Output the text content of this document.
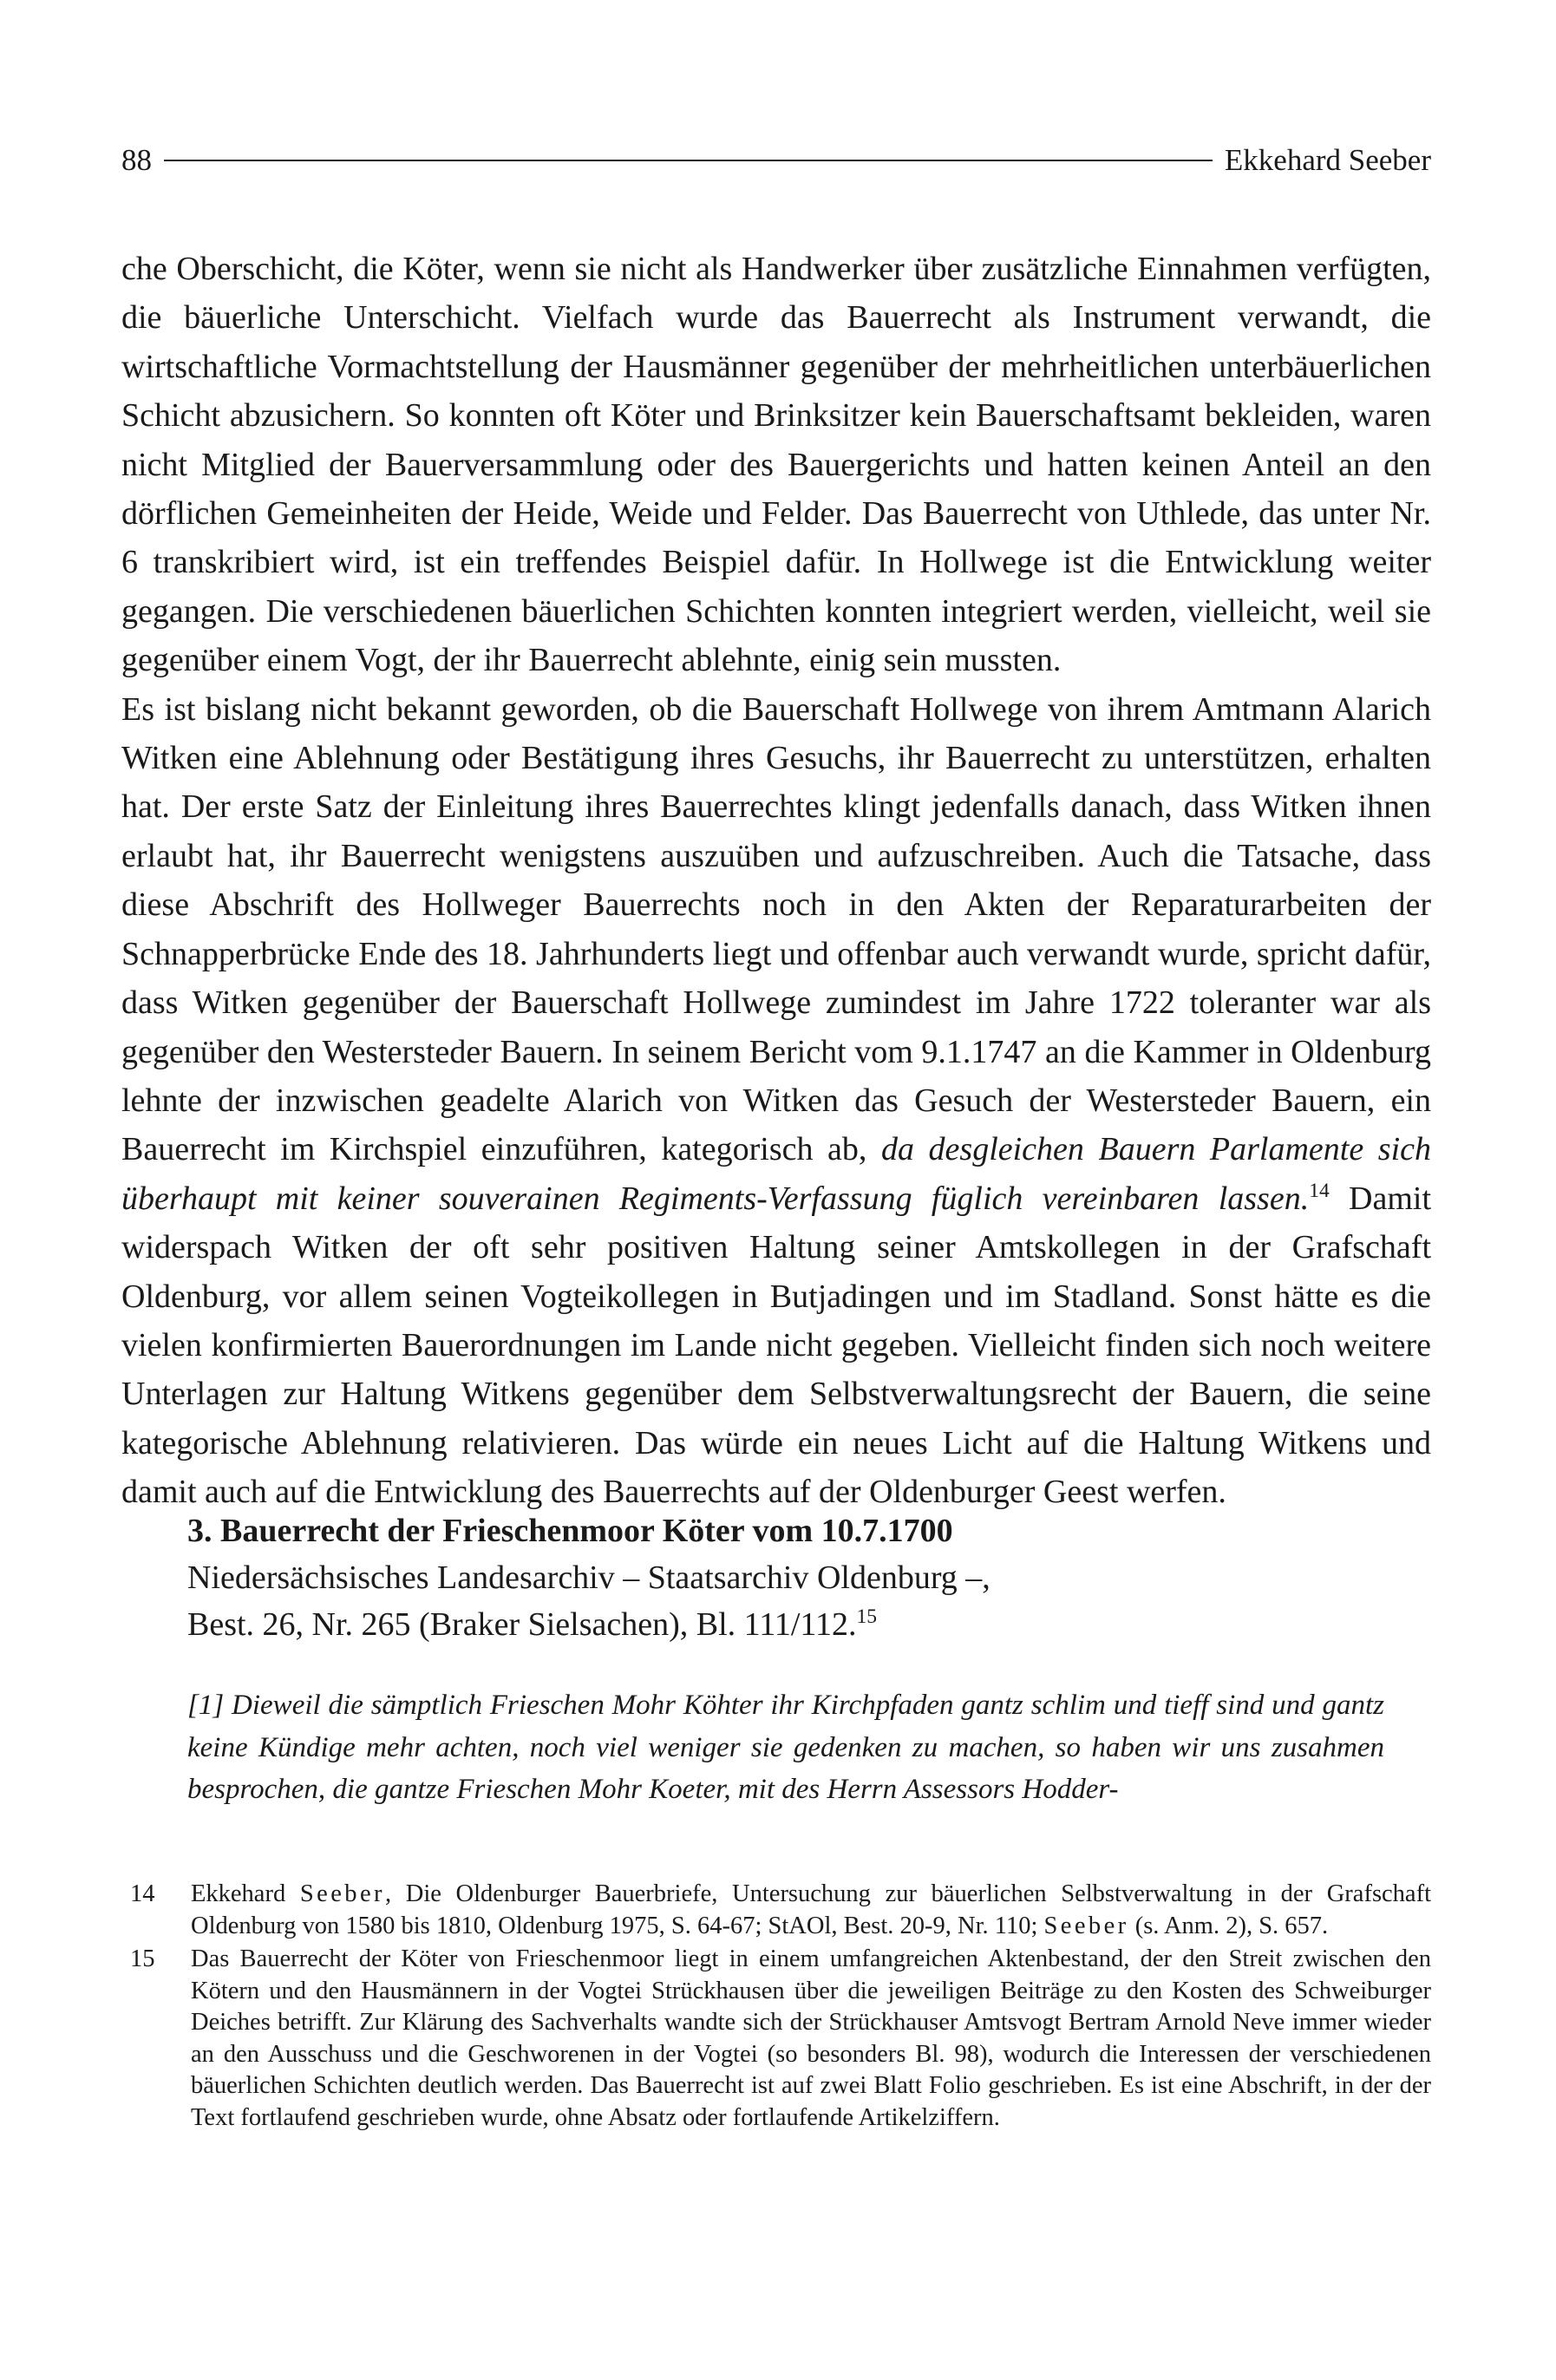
88	Ekkehard Seeber

che Oberschicht, die Köter, wenn sie nicht als Handwerker über zusätzliche Einnahmen verfügten, die bäuerliche Unterschicht. Vielfach wurde das Bauerrecht als Instrument verwandt, die wirtschaftliche Vormachtstellung der Hausmänner gegenüber der mehrheitlichen unterbäuerlichen Schicht abzusichern. So konnten oft Köter und Brinksitzer kein Bauerschaftsamt bekleiden, waren nicht Mitglied der Bauerversammlung oder des Bauergerichts und hatten keinen Anteil an den dörflichen Gemeinheiten der Heide, Weide und Felder. Das Bauerrecht von Uthlede, das unter Nr. 6 transkribiert wird, ist ein treffendes Beispiel dafür. In Hollwege ist die Entwicklung weiter gegangen. Die verschiedenen bäuerlichen Schichten konnten integriert werden, vielleicht, weil sie gegenüber einem Vogt, der ihr Bauerrecht ablehnte, einig sein mussten.

Es ist bislang nicht bekannt geworden, ob die Bauerschaft Hollwege von ihrem Amtmann Alarich Witken eine Ablehnung oder Bestätigung ihres Gesuchs, ihr Bauerrecht zu unterstützen, erhalten hat. Der erste Satz der Einleitung ihres Bauerrechtes klingt jedenfalls danach, dass Witken ihnen erlaubt hat, ihr Bauerrecht wenigstens auszuüben und aufzuschreiben. Auch die Tatsache, dass diese Abschrift des Hollweger Bauerrechts noch in den Akten der Reparaturarbeiten der Schnapperbrücke Ende des 18. Jahrhunderts liegt und offenbar auch verwandt wurde, spricht dafür, dass Witken gegenüber der Bauerschaft Hollwege zumindest im Jahre 1722 toleranter war als gegenüber den Westersteder Bauern. In seinem Bericht vom 9.1.1747 an die Kammer in Oldenburg lehnte der inzwischen geadelte Alarich von Witken das Gesuch der Westersteder Bauern, ein Bauerrecht im Kirchspiel einzuführen, kategorisch ab, da desgleichen Bauern Parlamente sich überhaupt mit keiner souverainen Regiments-Verfassung füglich vereinbaren lassen.$^{14}$ Damit widerspach Witken der oft sehr positiven Haltung seiner Amtskollegen in der Grafschaft Oldenburg, vor allem seinen Vogteikollegen in Butjadingen und im Stadland. Sonst hätte es die vielen konfirmierten Bauerordnungen im Lande nicht gegeben. Vielleicht finden sich noch weitere Unterlagen zur Haltung Witkens gegenüber dem Selbstverwaltungsrecht der Bauern, die seine kategorische Ablehnung relativieren. Das würde ein neues Licht auf die Haltung Witkens und damit auch auf die Entwicklung des Bauerrechts auf der Oldenburger Geest werfen.

3. Bauerrecht der Frieschenmoor Köter vom 10.7.1700
Niedersächsisches Landesarchiv – Staatsarchiv Oldenburg –,
Best. 26, Nr. 265 (Braker Sielsachen), Bl. 111/112.15

[1] Dieweil die sämptlich Frieschen Mohr Köhter ihr Kirchpfaden gantz schlim und tieff sind und gantz keine Kündige mehr achten, noch viel weniger sie gedenken zu machen, so haben wir uns zusahmen besprochen, die gantze Frieschen Mohr Koeter, mit des Herrn Assessors Hodder-

14	Ekkehard Seeber, Die Oldenburger Bauerbriefe, Untersuchung zur bäuerlichen Selbstverwaltung in der Grafschaft Oldenburg von 1580 bis 1810, Oldenburg 1975, S. 64-67; StAOl, Best. 20-9, Nr. 110; Seeber (s. Anm. 2), S. 657.
15	Das Bauerrecht der Köter von Frieschenmoor liegt in einem umfangreichen Aktenbestand, der den Streit zwischen den Kötern und den Hausmännern in der Vogtei Strückhausen über die jeweiligen Beiträge zu den Kosten des Schweiburger Deiches betrifft. Zur Klärung des Sachverhalts wandte sich der Strückhauser Amtsvogt Bertram Arnold Neve immer wieder an den Ausschuss und die Geschworenen in der Vogtei (so besonders Bl. 98), wodurch die Interessen der verschiedenen bäuerlichen Schichten deutlich werden. Das Bauerrecht ist auf zwei Blatt Folio geschrieben. Es ist eine Abschrift, in der der Text fortlaufend geschrieben wurde, ohne Absatz oder fortlaufende Artikelziffern.
